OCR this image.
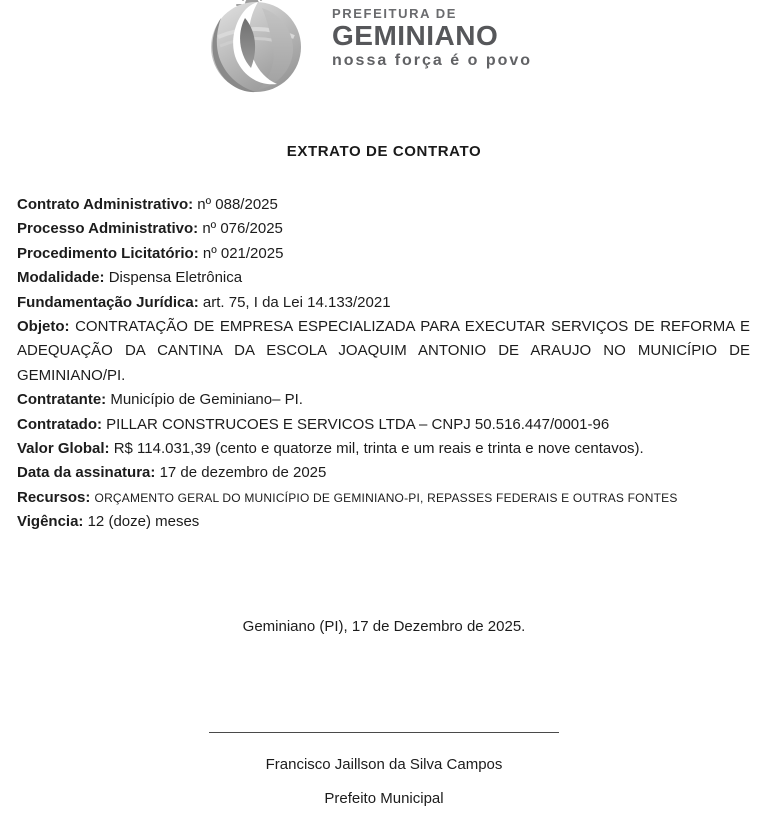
PREFEITURA DE
GEMINIANO
nossa força é o povo
EXTRATO DE CONTRATO

Contrato Administrativo: nº 088/2025

Processo Administrativo: nº 076/2025

Procedimento Licitatório: nº 021/2025

Modalidade: Dispensa Eletrônica

Fundamentação Jurídica: art. 75, I da Lei 14.133/2021

Objeto: CONTRATAÇÃO DE EMPRESA ESPECIALIZADA PARA EXECUTAR SERVIÇOS DE REFORMA E ADEQUAÇÃO DA CANTINA DA ESCOLA JOAQUIM ANTONIO DE ARAUJO NO MUNICÍPIO DE GEMINIANO/PI.

Contratante: Município de Geminiano– PI.

Contratado: PILLAR CONSTRUCOES E SERVICOS LTDA – CNPJ 50.516.447/0001-96

Valor Global: R$ 114.031,39 (cento e quatorze mil, trinta e um reais e trinta e nove centavos).

Data da assinatura: 17 de dezembro de 2025

Recursos: ORÇAMENTO GERAL DO MUNICÍPIO DE GEMINIANO-PI, REPASSES FEDERAIS E OUTRAS FONTES

Vigência: 12 (doze) meses

Geminiano (PI), 17 de Dezembro de 2025.

Francisco Jaillson da Silva Campos

Prefeito Municipal
